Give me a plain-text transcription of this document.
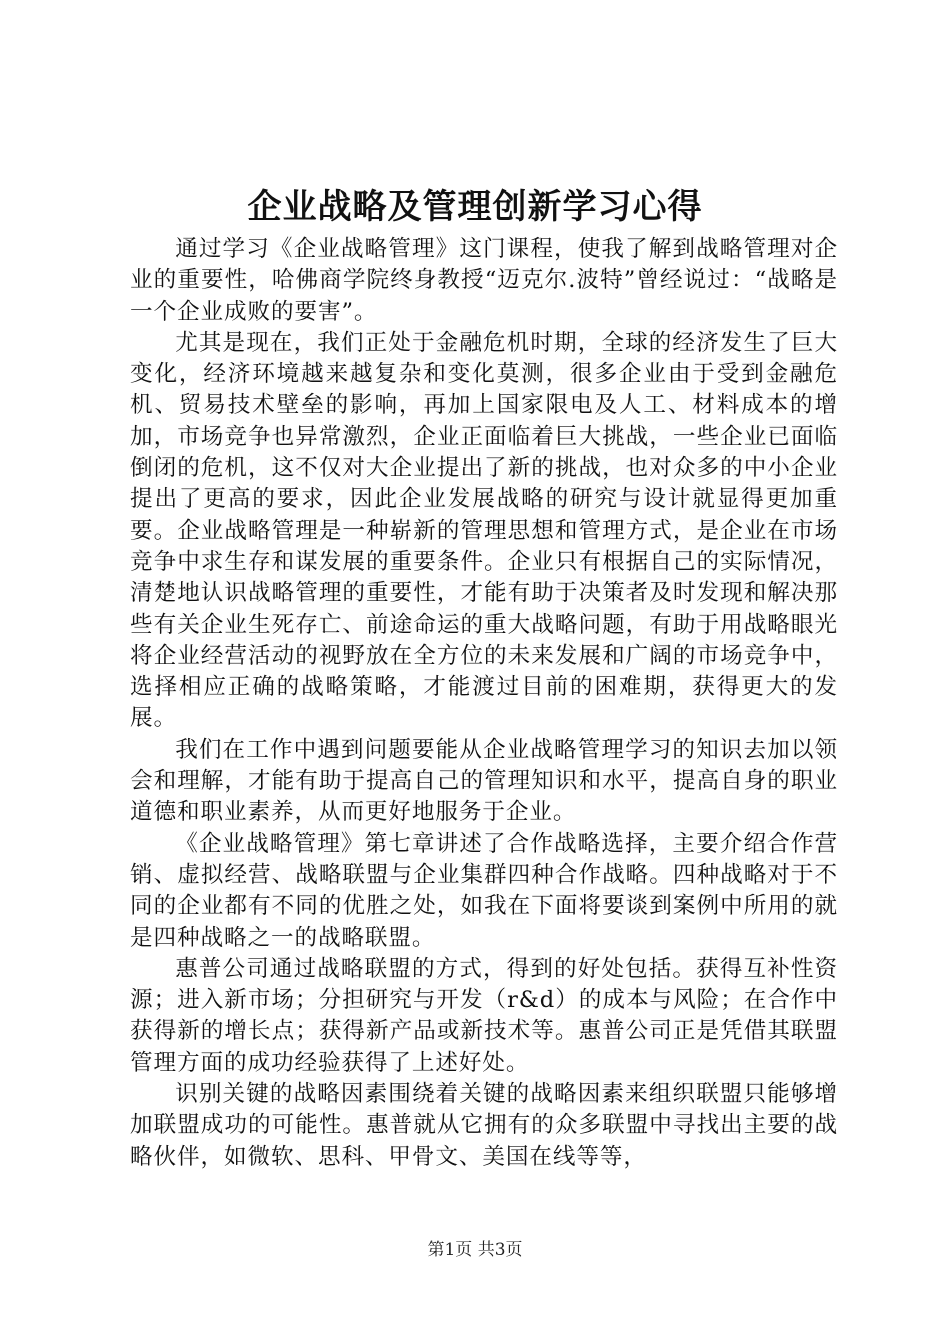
企业战略及管理创新学习心得

通过学习《企业战略管理》这门课程，使我了解到战略管理对企业的重要性，哈佛商学院终身教授“迈克尔.波特”曾经说过：“战略是一个企业成败的要害”。

尤其是现在，我们正处于金融危机时期，全球的经济发生了巨大变化，经济环境越来越复杂和变化莫测，很多企业由于受到金融危机、贸易技术壁垒的影响，再加上国家限电及人工、材料成本的增加，市场竞争也异常激烈，企业正面临着巨大挑战，一些企业已面临倒闭的危机，这不仅对大企业提出了新的挑战，也对众多的中小企业提出了更高的要求，因此企业发展战略的研究与设计就显得更加重要。企业战略管理是一种崭新的管理思想和管理方式，是企业在市场竞争中求生存和谋发展的重要条件。企业只有根据自己的实际情况，清楚地认识战略管理的重要性，才能有助于决策者及时发现和解决那些有关企业生死存亡、前途命运的重大战略问题，有助于用战略眼光将企业经营活动的视野放在全方位的未来发展和广阔的市场竞争中，选择相应正确的战略策略，才能渡过目前的困难期，获得更大的发展。

我们在工作中遇到问题要能从企业战略管理学习的知识去加以领会和理解，才能有助于提高自己的管理知识和水平，提高自身的职业道德和职业素养，从而更好地服务于企业。

《企业战略管理》第七章讲述了合作战略选择，主要介绍合作营销、虚拟经营、战略联盟与企业集群四种合作战略。四种战略对于不同的企业都有不同的优胜之处，如我在下面将要谈到案例中所用的就是四种战略之一的战略联盟。

惠普公司通过战略联盟的方式，得到的好处包括。获得互补性资源；进入新市场；分担研究与开发（r&d）的成本与风险；在合作中获得新的增长点；获得新产品或新技术等。惠普公司正是凭借其联盟管理方面的成功经验获得了上述好处。

识别关键的战略因素围绕着关键的战略因素来组织联盟只能够增加联盟成功的可能性。惠普就从它拥有的众多联盟中寻找出主要的战略伙伴，如微软、思科、甲骨文、美国在线等等，

第1页 共3页
